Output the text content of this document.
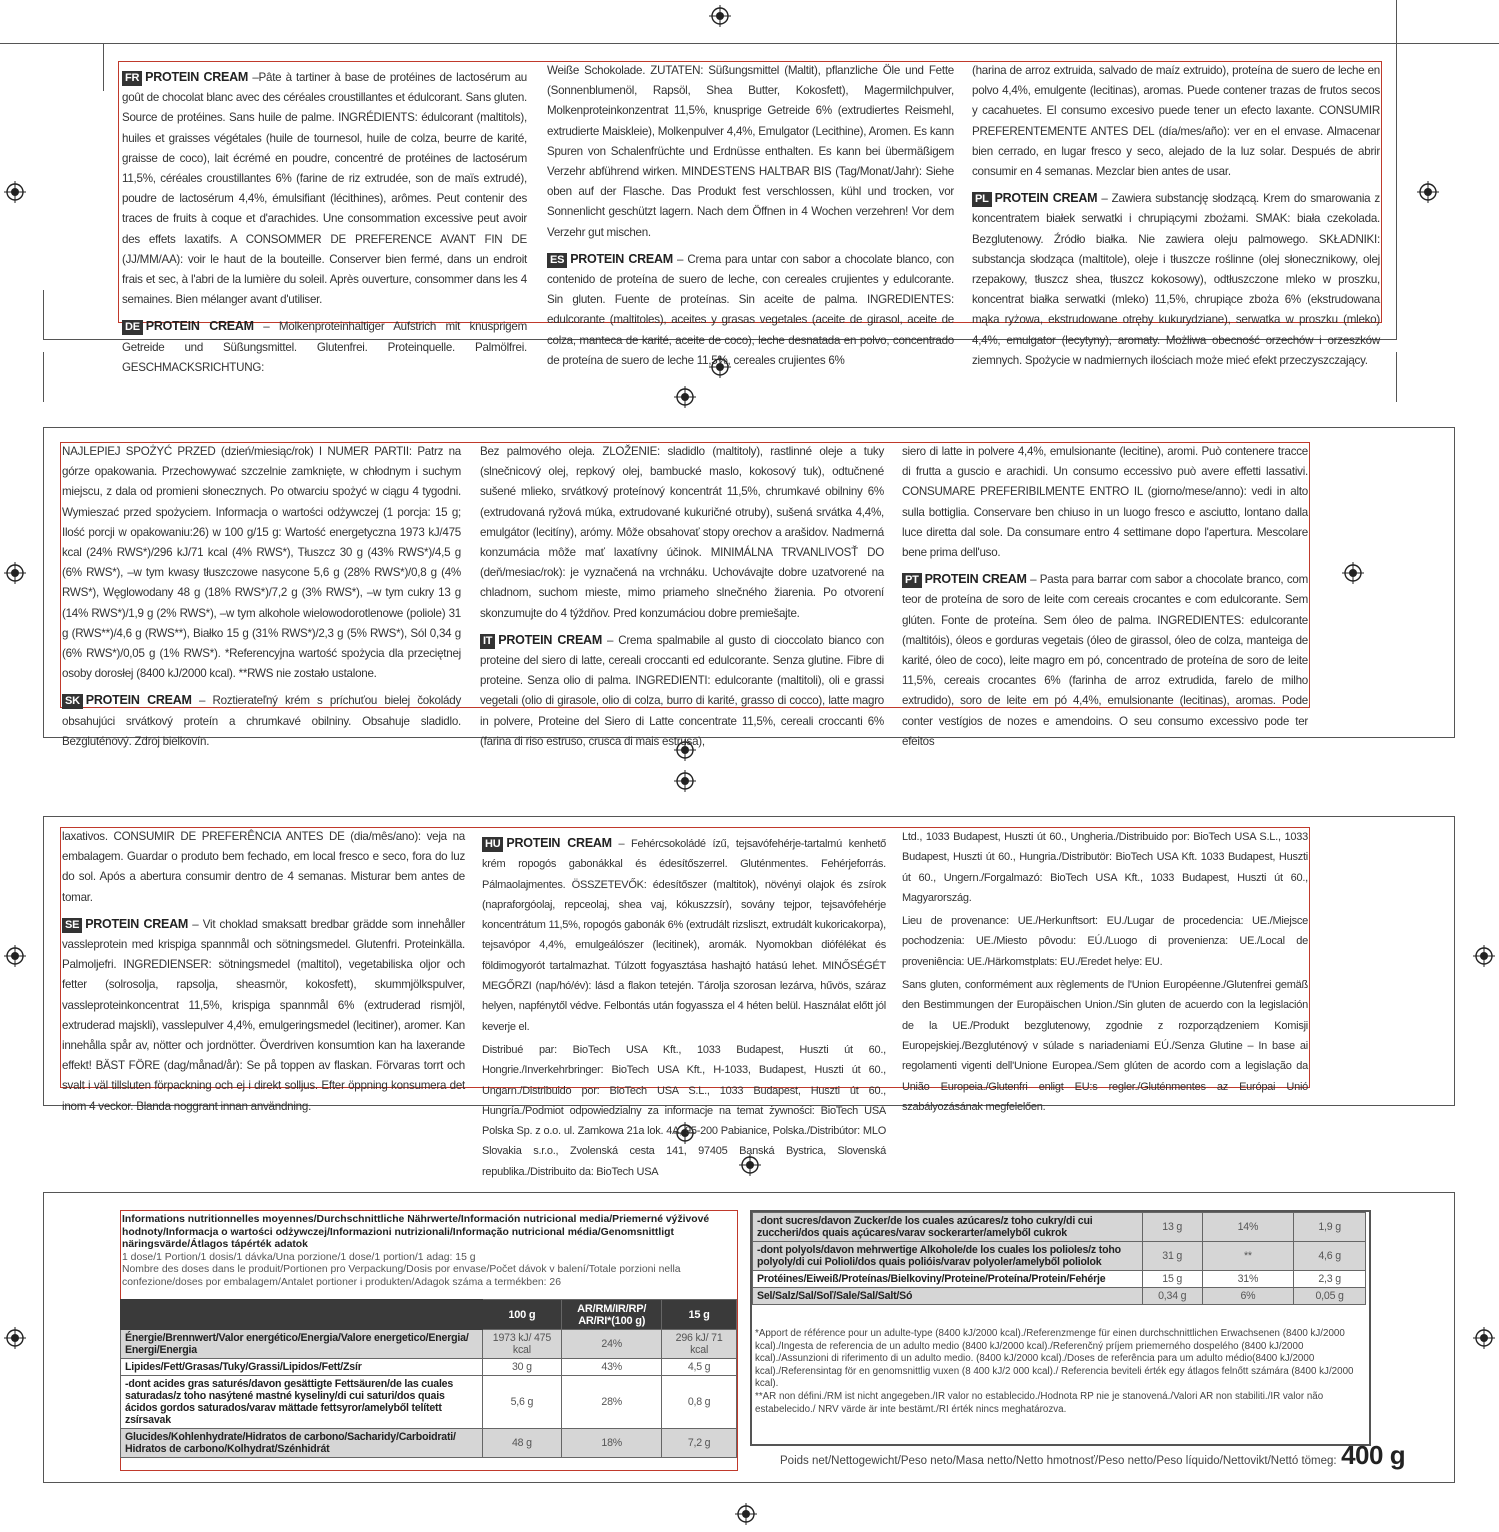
FR PROTEIN CREAM –Pâte à tartiner à base de protéines de lactosérum au goût de chocolat blanc avec des céréales croustillantes et édulcorant. Sans gluten. Source de protéines. Sans huile de palme. INGRÉDIENTS: édulcorant (maltitols), huiles et graisses végétales (huile de tournesol, huile de colza, beurre de karité, graisse de coco), lait écrémé en poudre, concentré de protéines de lactosérum 11,5%, céréales croustillantes 6% (farine de riz extrudée, son de maïs extrudé), poudre de lactosérum 4,4%, émulsifiant (lécithines), arômes. Peut contenir des traces de fruits à coque et d'arachides. Une consommation excessive peut avoir des effets laxatifs. A CONSOMMER DE PREFERENCE AVANT FIN DE (JJ/MM/AA): voir le haut de la bouteille. Conserver bien fermé, dans un endroit frais et sec, à l'abri de la lumière du soleil. Après ouverture, consommer dans les 4 semaines. Bien mélanger avant d'utiliser.

DE PROTEIN CREAM – Molkenproteinhaltiger Aufstrich mit knusprigem Getreide und Süßungsmittel. Glutenfrei. Proteinquelle. Palmölfrei. GESCHMACKSRICHTUNG:

Weiße Schokolade. ZUTATEN: Süßungsmittel (Maltit), pflanzliche Öle und Fette (Sonnenblumenöl, Rapsöl, Shea Butter, Kokosfett), Magermilchpulver, Molkenproteinkonzentrat 11,5%, knusprige Getreide 6% (extrudiertes Reismehl, extrudierte Maiskleie), Molkenpulver 4,4%, Emulgator (Lecithine), Aromen. Es kann Spuren von Schalenfrüchte und Erdnüsse enthalten. Es kann bei übermäßigem Verzehr abführend wirken. MINDESTENS HALTBAR BIS (Tag/Monat/Jahr): Siehe oben auf der Flasche. Das Produkt fest verschlossen, kühl und trocken, vor Sonnenlicht geschützt lagern. Nach dem Öffnen in 4 Wochen verzehren! Vor dem Verzehr gut mischen.

ES PROTEIN CREAM – Crema para untar con sabor a chocolate blanco, con contenido de proteína de suero de leche, con cereales crujientes y edulcorante. Sin gluten. Fuente de proteínas. Sin aceite de palma. INGREDIENTES: edulcorante (maltitoles), aceites y grasas vegetales (aceite de girasol, aceite de colza, manteca de karité, aceite de coco), leche desnatada en polvo, concentrado de proteína de suero de leche 11,5%, cereales crujientes 6%

(harina de arroz extruida, salvado de maíz extruido), proteína de suero de leche en polvo 4,4%, emulgente (lecitinas), aromas. Puede contener trazas de frutos secos y cacahuetes. El consumo excesivo puede tener un efecto laxante. CONSUMIR PREFERENTEMENTE ANTES DEL (día/mes/año): ver en el envase. Almacenar bien cerrado, en lugar fresco y seco, alejado de la luz solar. Después de abrir consumir en 4 semanas. Mezclar bien antes de usar.

PL PROTEIN CREAM – Zawiera substancję słodzącą. Krem do smarowania z koncentratem białek serwatki i chrupiącymi zbożami. SMAK: biała czekolada. Bezglutenowy. Źródło białka. Nie zawiera oleju palmowego. SKŁADNIKI: substancja słodząca (maltitole), oleje i tłuszcze roślinne (olej słonecznikowy, olej rzepakowy, tłuszcz shea, tłuszcz kokosowy), odtłuszczone mleko w proszku, koncentrat białka serwatki (mleko) 11,5%, chrupiące zboża 6% (ekstrudowana mąka ryżowa, ekstrudowane otręby kukurydziane), serwatka w proszku (mleko) 4,4%, emulgator (lecytyny), aromaty. Możliwa obecność orzechów i orzeszków ziemnych. Spożycie w nadmiernych ilościach może mieć efekt przeczyszczający.

NAJLEPIEJ SPOŻYĆ PRZED (dzień/miesiąc/rok) I NUMER PARTII: Patrz na górze opakowania. Przechowywać szczelnie zamknięte, w chłodnym i suchym miejscu, z dala od promieni słonecznych. Po otwarciu spożyć w ciągu 4 tygodni. Wymieszać przed spożyciem. Informacja o wartości odżywczej (1 porcja: 15 g; Ilość porcji w opakowaniu:26) w 100 g/15 g: Wartość energetyczna 1973 kJ/475 kcal (24% RWS*)/296 kJ/71 kcal (4% RWS*), Tłuszcz 30 g (43% RWS*)/4,5 g (6% RWS*), –w tym kwasy tłuszczowe nasycone 5,6 g (28% RWS*)/0,8 g (4% RWS*), Węglowodany 48 g (18% RWS*)/7,2 g (3% RWS*), –w tym cukry 13 g (14% RWS*)/1,9 g (2% RWS*), –w tym alkohole wielowodorotlenowe (poliole) 31 g (RWS**)/4,6 g (RWS**), Białko 15 g (31% RWS*)/2,3 g (5% RWS*), Sól 0,34 g (6% RWS*)/0,05 g (1% RWS*). *Referencyjna wartość spożycia dla przeciętnej osoby dorosłej (8400 kJ/2000 kcal). **RWS nie zostało ustalone.

SK PROTEIN CREAM – Roztierateľný krém s príchuťou bielej čokolády obsahujúci srvátkový proteín a chrumkavé obilniny. Obsahuje sladidlo. Bezgluténový. Zdroj bielkovín.

Bez palmového oleja. ZLOŽENIE: sladidlo (maltitoly), rastlinné oleje a tuky (slnečnicový olej, repkový olej, bambucké maslo, kokosový tuk), odtučnené sušené mlieko, srvátkový proteínový koncentrát 11,5%, chrumkavé obilniny 6% (extrudovaná ryžová múka, extrudované kukuričné otruby), sušená srvátka 4,4%, emulgátor (lecitíny), arómy. Môže obsahovať stopy orechov a arašidov. Nadmerná konzumácia môže mať laxatívny účinok. MINIMÁLNA TRVANLIVOSŤ DO (deň/mesiac/rok): je vyznačená na vrchnáku. Uchovávajte dobre uzatvorené na chladnom, suchom mieste, mimo priameho slnečného žiarenia. Po otvorení skonzumujte do 4 týždňov. Pred konzumáciou dobre premiešajte.

IT PROTEIN CREAM – Crema spalmabile al gusto di cioccolato bianco con proteine del siero di latte, cereali croccanti ed edulcorante. Senza glutine. Fibre di proteine. Senza olio di palma. INGREDIENTI: edulcorante (maltitoli), oli e grassi vegetali (olio di girasole, olio di colza, burro di karité, grasso di cocco), latte magro in polvere, Proteine del Siero di Latte concentrate 11,5%, cereali croccanti 6% (farina di riso estruso, crusca di mais estrusa),

siero di latte in polvere 4,4%, emulsionante (lecitine), aromi. Può contenere tracce di frutta a guscio e arachidi. Un consumo eccessivo può avere effetti lassativi. CONSUMARE PREFERIBILMENTE ENTRO IL (giorno/mese/anno): vedi in alto sulla bottiglia. Conservare ben chiuso in un luogo fresco e asciutto, lontano dalla luce diretta dal sole. Da consumare entro 4 settimane dopo l'apertura. Mescolare bene prima dell'uso.

PT PROTEIN CREAM – Pasta para barrar com sabor a chocolate branco, com teor de proteína de soro de leite com cereais crocantes e com edulcorante. Sem glúten. Fonte de proteína. Sem óleo de palma. INGREDIENTES: edulcorante (maltitóis), óleos e gorduras vegetais (óleo de girassol, óleo de colza, manteiga de karité, óleo de coco), leite magro em pó, concentrado de proteína de soro de leite 11,5%, cereais crocantes 6% (farinha de arroz extrudida, farelo de milho extrudido), soro de leite em pó 4,4%, emulsionante (lecitinas), aromas. Pode conter vestígios de nozes e amendoins. O seu consumo excessivo pode ter efeitos

laxativos. CONSUMIR DE PREFERÊNCIA ANTES DE (dia/mês/ano): veja na embalagem. Guardar o produto bem fechado, em local fresco e seco, fora do luz do sol. Após a abertura consumir dentro de 4 semanas. Misturar bem antes de tomar.

SE PROTEIN CREAM – Vit choklad smaksatt bredbar grädde som innehåller vassleprotein med krispiga spannmål och sötningsmedel. Glutenfri. Proteinkälla. Palmoljefri. INGREDIENSER: sötningsmedel (maltitol), vegetabiliska oljor och fetter (solrosolja, rapsolja, sheasmör, kokosfett), skummjölkspulver, vassleproteinkoncentrat 11,5%, krispiga spannmål 6% (extruderad rismjöl, extruderad majskli), vasslepulver 4,4%, emulgeringsmedel (lecitiner), aromer. Kan innehålla spår av, nötter och jordnötter. Överdriven konsumtion kan ha laxerande effekt! BÄST FÖRE (dag/månad/år): Se på toppen av flaskan. Förvaras torrt och svalt i väl tillsluten förpackning och ej i direkt solljus. Efter öppning konsumera det inom 4 veckor. Blanda noggrant innan användning.

HU PROTEIN CREAM – Fehércsokoládé ízű, tejsavófehérje-tartalmú kenhető krém ropogós gabonákkal és édesítőszerrel. Gluténmentes. Fehérjeforrás. Pálmaolajmentes. ÖSSZETEVŐK: édesítőszer (maltitok), növényi olajok és zsírok (napraforgóolaj, repceolaj, shea vaj, kókuszzsír), sovány tejpor, tejsavófehérje koncentrátum 11,5%, ropogós gabonák 6% (extrudált rizsliszt, extrudált kukoricakorpa), tejsavópor 4,4%, emulgeálószer (lecitinek), aromák. Nyomokban diófélékat és földimogyorót tartalmazhat. Túlzott fogyasztása hashajtó hatású lehet. MINŐSÉGÉT MEGŐRZI (nap/hó/év): lásd a flakon tetején. Tárolja szorosan lezárva, hűvös, száraz helyen, napfénytől védve. Felbontás után fogyassza el 4 héten belül. Használat előtt jól keverje el.

Distribué par: BioTech USA Kft., 1033 Budapest, Huszti út 60., Hongrie./Inverkehrbringer: BioTech USA Kft., H-1033, Budapest, Huszti út 60., Ungarn./Distribuido por: BioTech USA S.L., 1033 Budapest, Huszti út 60., Hungría./Podmiot odpowiedzialny za informacje na temat żywności: BioTech USA Polska Sp. z o.o. ul. Zamkowa 21a lok. 4A, 95-200 Pabianice, Polska./Distribútor: MLO Slovakia s.r.o., Zvolenská cesta 141, 97405 Banská Bystrica, Slovenská republika./Distribuito da: BioTech USA

Ltd., 1033 Budapest, Huszti út 60., Ungheria./Distribuido por: BioTech USA S.L., 1033 Budapest, Huszti út 60., Hungria./Distributör: BioTech USA Kft. 1033 Budapest, Huszti út 60., Ungern./Forgalmazó: BioTech USA Kft., 1033 Budapest, Huszti út 60., Magyarország.

Lieu de provenance: UE./Herkunftsort: EU./Lugar de procedencia: UE./Miejsce pochodzenia: UE./Miesto pôvodu: EÚ./Luogo di provenienza: UE./Local de proveniência: UE./Härkomstplats: EU./Eredet helye: EU.

Sans gluten, conformément aux règlements de l'Union Européenne./Glutenfrei gemäß den Bestimmungen der Europäischen Union./Sin gluten de acuerdo con la legislación de la UE./Produkt bezglutenowy, zgodnie z rozporządzeniem Komisji Europejskiej./Bezgluténový v súlade s nariadeniami EÚ./Senza Glutine – In base ai regolamenti vigenti dell'Unione Europea./Sem glúten de acordo com a legislação da União Europeia./Glutenfri enligt EU:s regler./Gluténmentes az Európai Unió szabályozásának megfelelően.

Informations nutritionnelles moyennes/Durchschnittliche Nährwerte/Información nutricional media/Priemerné výživové hodnoty/Informacja o wartości odżywczej/Informazioni nutrizionali/Informação nutricional média/Genomsnittligt näringsvärde/Átlagos tápérték adatok
1 dose/1 Portion/1 dosis/1 dávka/Una porzione/1 dose/1 portion/1 adag: 15 g
Nombre des doses dans le produit/Portionen pro Verpackung/Dosis por envase/Počet dávok v balení/Totale porzioni nella confezione/doses por embalagem/Antalet portioner i produkten/Adagok száma a termékben: 26
	100 g	AR/RM/IR/RP/ AR/RI*(100 g)	15 g
Énergie/Brennwert/Valor energético/Energia/Valore energetico/Energia/ Energi/Energia	1973 kJ/ 475 kcal	24%	296 kJ/ 71 kcal
Lipides/Fett/Grasas/Tuky/Grassi/Lipidos/Fett/Zsír	30 g	43%	4,5 g
-dont acides gras saturés/davon gesättigte Fettsäuren/de las cuales saturadas/z toho nasýtené mastné kyseliny/di cui saturi/dos quais ácidos gordos saturados/varav mättade fettsyror/amelyből telített zsírsavak	5,6 g	28%	0,8 g
Glucides/Kohlenhydrate/Hidratos de carbono/Sacharidy/Carboidrati/ Hidratos de carbono/Kolhydrat/Szénhidrát	48 g	18%	7,2 g
-dont sucres/davon Zucker/de los cuales azúcares/z toho cukry/di cui zuccheri/dos quais açúcares/varav sockerarter/amelyből cukrok	13 g	14%	1,9 g
-dont polyols/davon mehrwertige Alkohole/de los cuales los polioles/z toho polyoly/di cui Polioli/dos quais polióis/varav polyoler/amelyből poliolok	31 g	**	4,6 g
Protéines/Eiweiß/Proteínas/Bielkoviny/Proteine/Proteína/Protein/Fehérje	15 g	31%	2,3 g
Sel/Salz/Sal/Soľ/Sale/Sal/Salt/Só	0,34 g	6%	0,05 g
*Apport de référence pour un adulte-type (8400 kJ/2000 kcal)./Referenzmenge für einen durchschnittlichen Erwachsenen (8400 kJ/2000 kcal)./Ingesta de referencia de un adulto medio (8400 kJ/2000 kcal)./Referenčný príjem priemerného dospelého (8400 kJ/2000 kcal)./Assunzioni di riferimento di un adulto medio. (8400 kJ/2000 kcal)./Doses de referência para um adulto médio(8400 kJ/2000 kcal)./Referensintag för en genomsnittlig vuxen (8 400 kJ/2 000 kcal)./ Referencia beviteli érték egy átlagos felnőtt számára (8400 kJ/2000 kcal).
**AR non défini./RM ist nicht angegeben./IR valor no establecido./Hodnota RP nie je stanovená./Valori AR non stabiliti./IR valor não estabelecido./ NRV värde är inte bestämt./RI érték nincs meghatározva.
Poids net/Nettogewicht/Peso neto/Masa netto/Netto hmotnosť/Peso netto/Peso líquido/Nettovikt/Nettó tömeg: 400 g
